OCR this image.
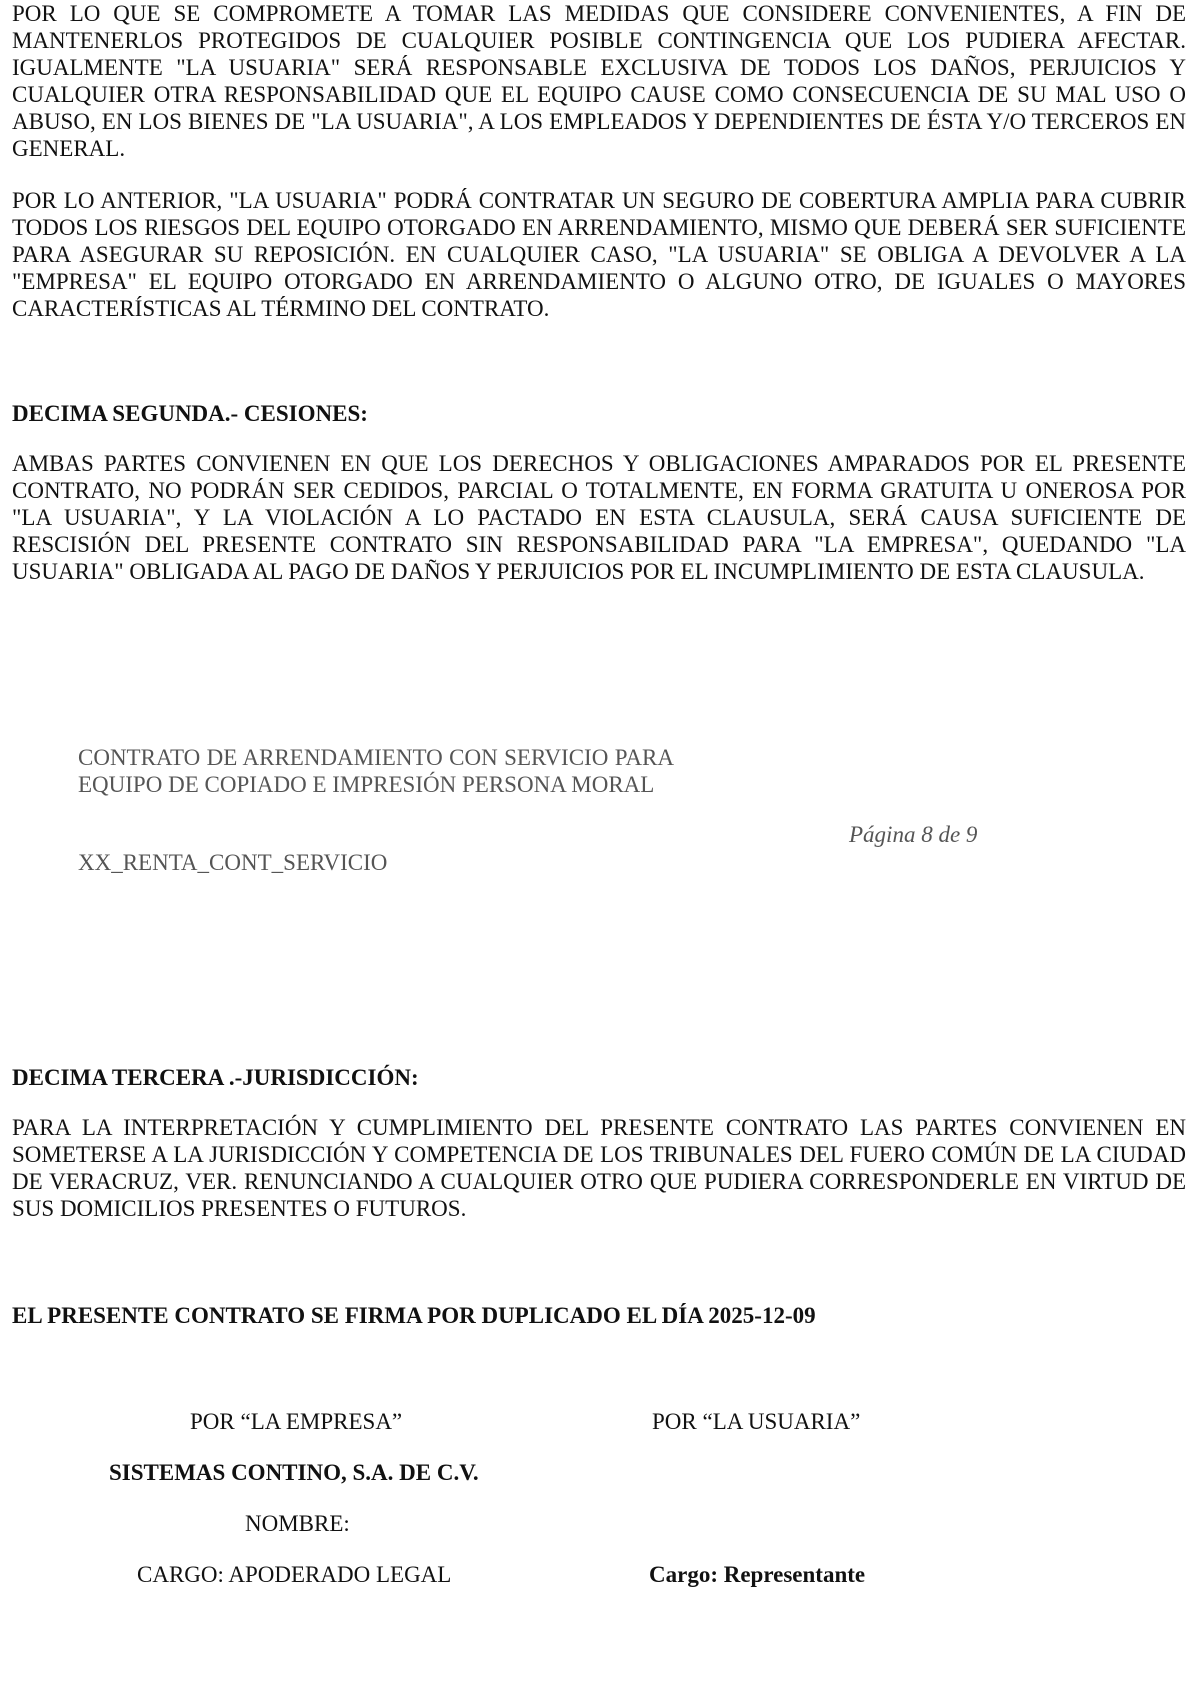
POR LO QUE SE COMPROMETE A TOMAR LAS MEDIDAS QUE CONSIDERE CONVENIENTES, A FIN DE MANTENERLOS PROTEGIDOS DE CUALQUIER POSIBLE CONTINGENCIA QUE LOS PUDIERA AFECTAR. IGUALMENTE "LA USUARIA" SERÁ RESPONSABLE EXCLUSIVA DE TODOS LOS DAÑOS, PERJUICIOS Y CUALQUIER OTRA RESPONSABILIDAD QUE EL EQUIPO CAUSE COMO CONSECUENCIA DE SU MAL USO O ABUSO, EN LOS BIENES DE "LA USUARIA", A LOS EMPLEADOS Y DEPENDIENTES DE ÉSTA Y/O TERCEROS EN GENERAL.

POR LO ANTERIOR, "LA USUARIA" PODRÁ CONTRATAR UN SEGURO DE COBERTURA AMPLIA PARA CUBRIR TODOS LOS RIESGOS DEL EQUIPO OTORGADO EN ARRENDAMIENTO, MISMO QUE DEBERÁ SER SUFICIENTE PARA ASEGURAR SU REPOSICIÓN. EN CUALQUIER CASO, "LA USUARIA" SE OBLIGA A DEVOLVER A LA "EMPRESA" EL EQUIPO OTORGADO EN ARRENDAMIENTO O ALGUNO OTRO, DE IGUALES O MAYORES CARACTERÍSTICAS AL TÉRMINO DEL CONTRATO.

DECIMA SEGUNDA.- CESIONES:

AMBAS PARTES CONVIENEN EN QUE LOS DERECHOS Y OBLIGACIONES AMPARADOS POR EL PRESENTE CONTRATO, NO PODRÁN SER CEDIDOS, PARCIAL O TOTALMENTE, EN FORMA GRATUITA U ONEROSA POR "LA USUARIA", Y LA VIOLACIÓN A LO PACTADO EN ESTA CLAUSULA, SERÁ CAUSA SUFICIENTE DE RESCISIÓN DEL PRESENTE CONTRATO SIN RESPONSABILIDAD PARA "LA EMPRESA", QUEDANDO "LA USUARIA" OBLIGADA AL PAGO DE DAÑOS Y PERJUICIOS POR EL INCUMPLIMIENTO DE ESTA CLAUSULA.

CONTRATO DE ARRENDAMIENTO CON SERVICIO PARA EQUIPO DE COPIADO E IMPRESIÓN PERSONA MORAL

XX_RENTA_CONT_SERVICIO

Página 8 de 9

DECIMA TERCERA .-JURISDICCIÓN:

PARA LA INTERPRETACIÓN Y CUMPLIMIENTO DEL PRESENTE CONTRATO LAS PARTES CONVIENEN EN SOMETERSE A LA JURISDICCIÓN Y COMPETENCIA DE LOS TRIBUNALES DEL FUERO COMÚN DE LA CIUDAD DE VERACRUZ, VER. RENUNCIANDO A CUALQUIER OTRO QUE PUDIERA CORRESPONDERLE EN VIRTUD DE SUS DOMICILIOS PRESENTES O FUTUROS.

EL PRESENTE CONTRATO SE FIRMA POR DUPLICADO EL DÍA 2025-12-09

POR “LA EMPRESA”
SISTEMAS CONTINO, S.A. DE C.V.
NOMBRE:
CARGO: APODERADO LEGAL
POR “LA USUARIA”
Cargo: Representante
